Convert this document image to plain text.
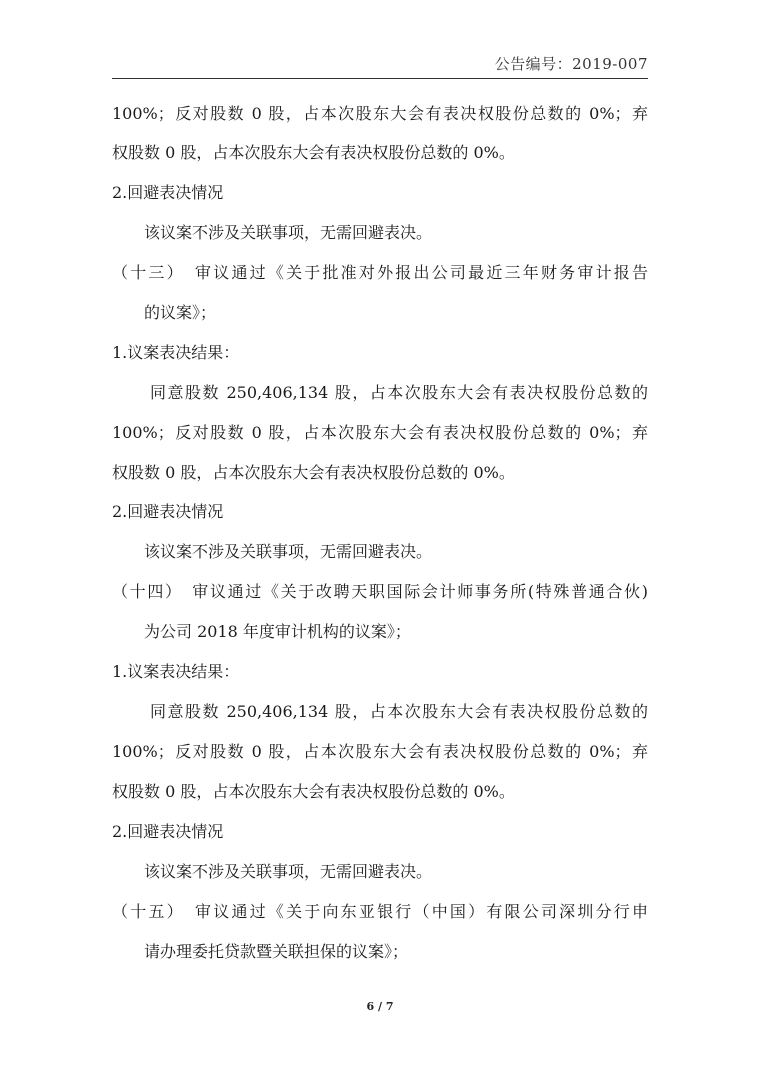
公告编号：2019-007
100%；反对股数 0 股，占本次股东大会有表决权股份总数的 0%；弃
权股数 0 股，占本次股东大会有表决权股份总数的 0%。
2.回避表决情况
该议案不涉及关联事项，无需回避表决。
（十三）　审议通过《关于批准对外报出公司最近三年财务审计报告
的议案》；
1.议案表决结果：
同意股数 250,406,134 股，占本次股东大会有表决权股份总数的
100%；反对股数 0 股，占本次股东大会有表决权股份总数的 0%；弃
权股数 0 股，占本次股东大会有表决权股份总数的 0%。
2.回避表决情况
该议案不涉及关联事项，无需回避表决。
（十四）　审议通过《关于改聘天职国际会计师事务所(特殊普通合伙)
为公司 2018 年度审计机构的议案》；
1.议案表决结果：
同意股数 250,406,134 股，占本次股东大会有表决权股份总数的
100%；反对股数 0 股，占本次股东大会有表决权股份总数的 0%；弃
权股数 0 股，占本次股东大会有表决权股份总数的 0%。
2.回避表决情况
该议案不涉及关联事项，无需回避表决。
（十五）　审议通过《关于向东亚银行（中国）有限公司深圳分行申
请办理委托贷款暨关联担保的议案》；
6 / 7
